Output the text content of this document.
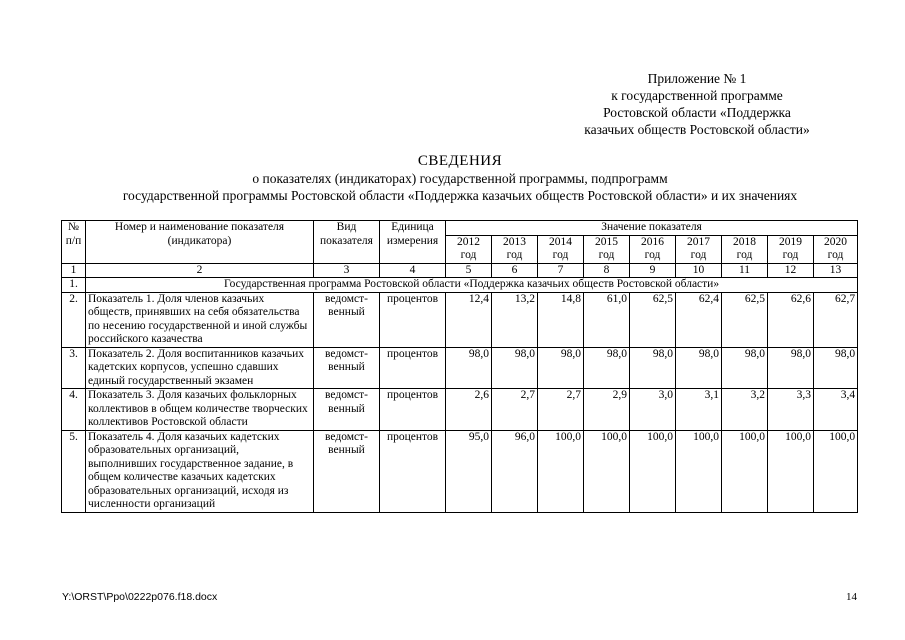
Приложение № 1
к государственной программе
Ростовской области «Поддержка
казачьих обществ Ростовской области»
СВЕДЕНИЯ
о показателях (индикаторах) государственной программы, подпрограмм
государственной программы Ростовской области «Поддержка казачьих обществ Ростовской области» и их значениях
№ п/п	Номер и наименование показателя (индикатора)	Вид показателя	Единица измерения	Значение показателя								
				2012 год	2013 год	2014 год	2015 год	2016 год	2017 год	2018 год	2019 год	2020 год
1	2	3	4	5	6	7	8	9	10	11	12	13
1.	Государственная программа Ростовской области «Поддержка казачьих обществ Ростовской области»											
2.	Показатель 1. Доля членов казачьих обществ, принявших на себя обязательства по несению государственной и иной службы российского казачества	ведомст-венный	процентов	12,4	13,2	14,8	61,0	62,5	62,4	62,5	62,6	62,7
3.	Показатель 2. Доля воспитанников казачьих кадетских корпусов, успешно сдавших единый государственный экзамен	ведомст-венный	процентов	98,0	98,0	98,0	98,0	98,0	98,0	98,0	98,0	98,0
4.	Показатель 3. Доля казачьих фольклорных коллективов в общем количестве творческих коллективов Ростовской области	ведомст-венный	процентов	2,6	2,7	2,7	2,9	3,0	3,1	3,2	3,3	3,4
5.	Показатель 4. Доля казачьих кадетских образовательных организаций, выполнивших государственное задание, в общем количестве казачьих кадетских образовательных организаций, исходя из численности организаций	ведомст-венный	процентов	95,0	96,0	100,0	100,0	100,0	100,0	100,0	100,0	100,0
Y:\ORST\Ppo\0222p076.f18.docx	14
